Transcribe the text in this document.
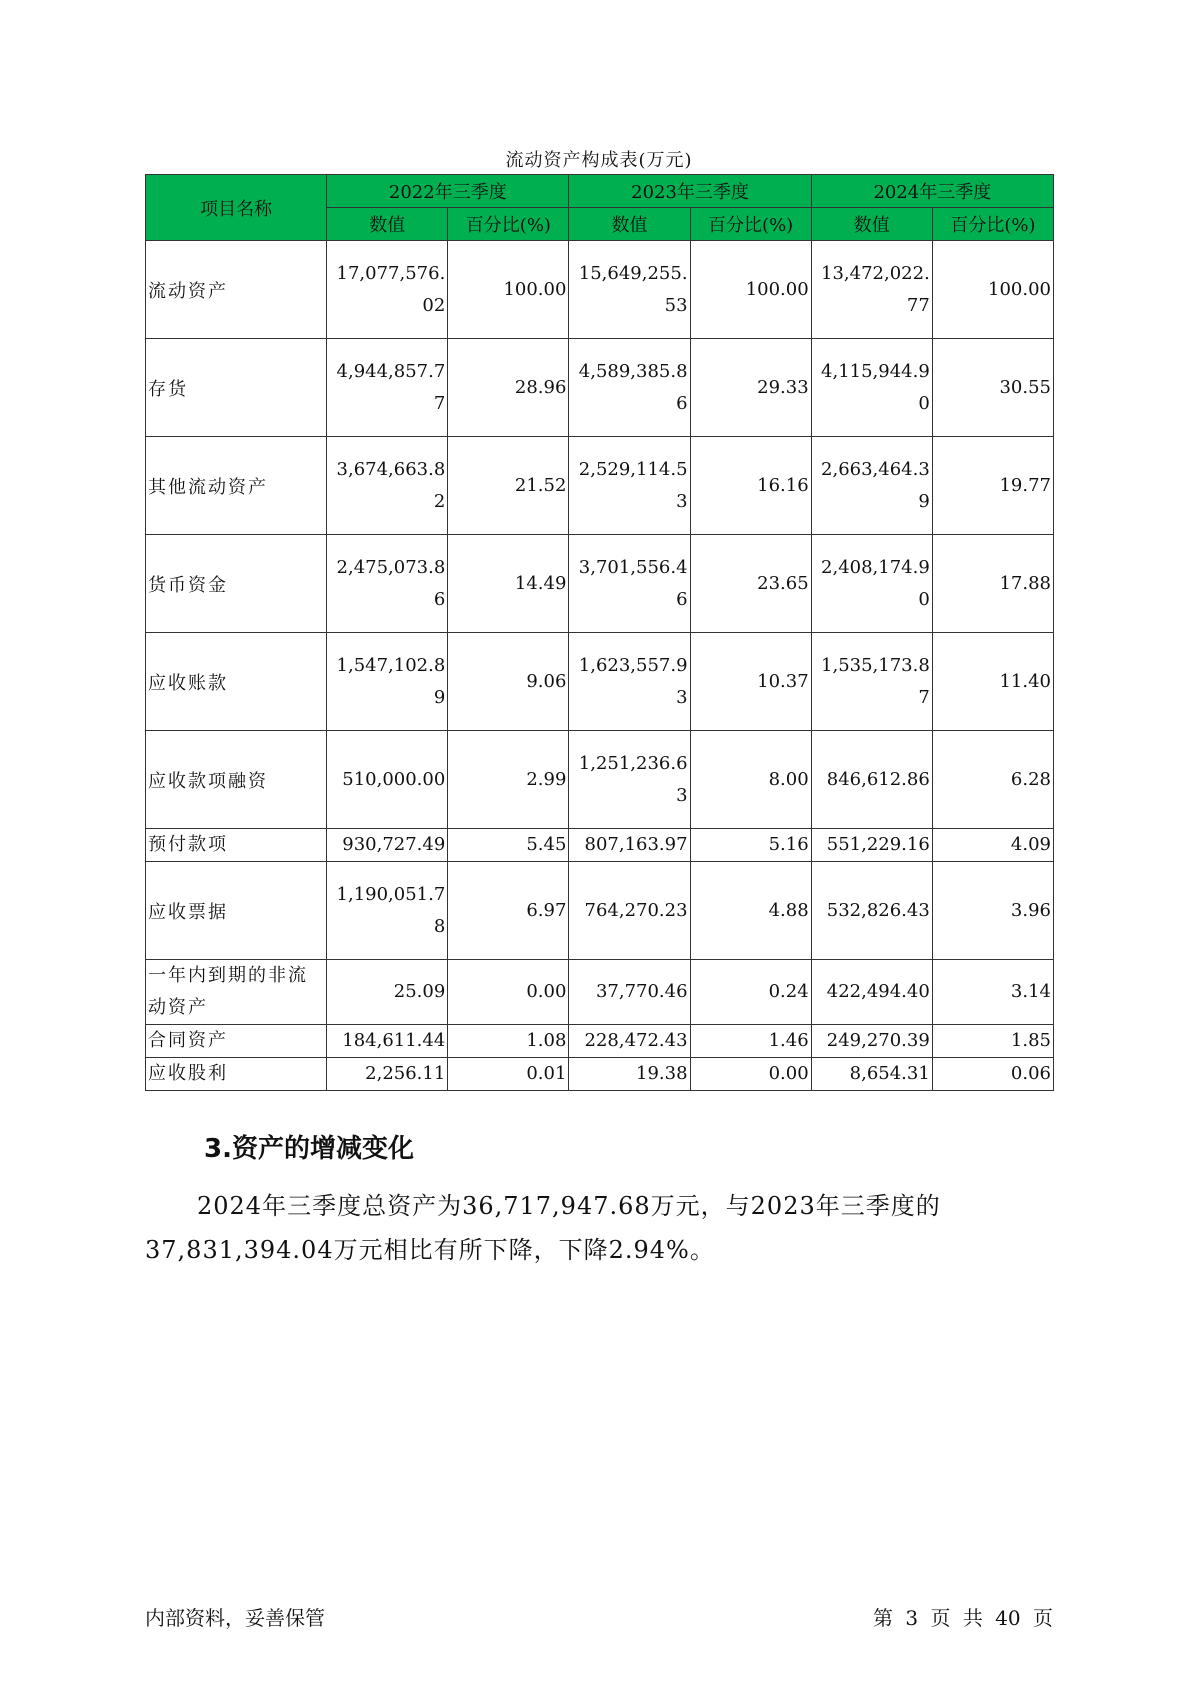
流动资产构成表(万元)
项目名称	2022年三季度		2023年三季度		2024年三季度	
	数值	百分比(%)	数值	百分比(%)	数值	百分比(%)
流动资产	17,077,576.02	100.00	15,649,255.53	100.00	13,472,022.77	100.00
存货	4,944,857.77	28.96	4,589,385.86	29.33	4,115,944.90	30.55
其他流动资产	3,674,663.82	21.52	2,529,114.53	16.16	2,663,464.39	19.77
货币资金	2,475,073.86	14.49	3,701,556.46	23.65	2,408,174.90	17.88
应收账款	1,547,102.89	9.06	1,623,557.93	10.37	1,535,173.87	11.40
应收款项融资	510,000.00	2.99	1,251,236.63	8.00	846,612.86	6.28
预付款项	930,727.49	5.45	807,163.97	5.16	551,229.16	4.09
应收票据	1,190,051.78	6.97	764,270.23	4.88	532,826.43	3.96
一年内到期的非流动资产	25.09	0.00	37,770.46	0.24	422,494.40	3.14
合同资产	184,611.44	1.08	228,472.43	1.46	249,270.39	1.85
应收股利	2,256.11	0.01	19.38	0.00	8,654.31	0.06
3.资产的增减变化
2024年三季度总资产为36,717,947.68万元，与2023年三季度的37,831,394.04万元相比有所下降，下降2.94%。
内部资料，妥善保管	第 3 页 共 40 页
